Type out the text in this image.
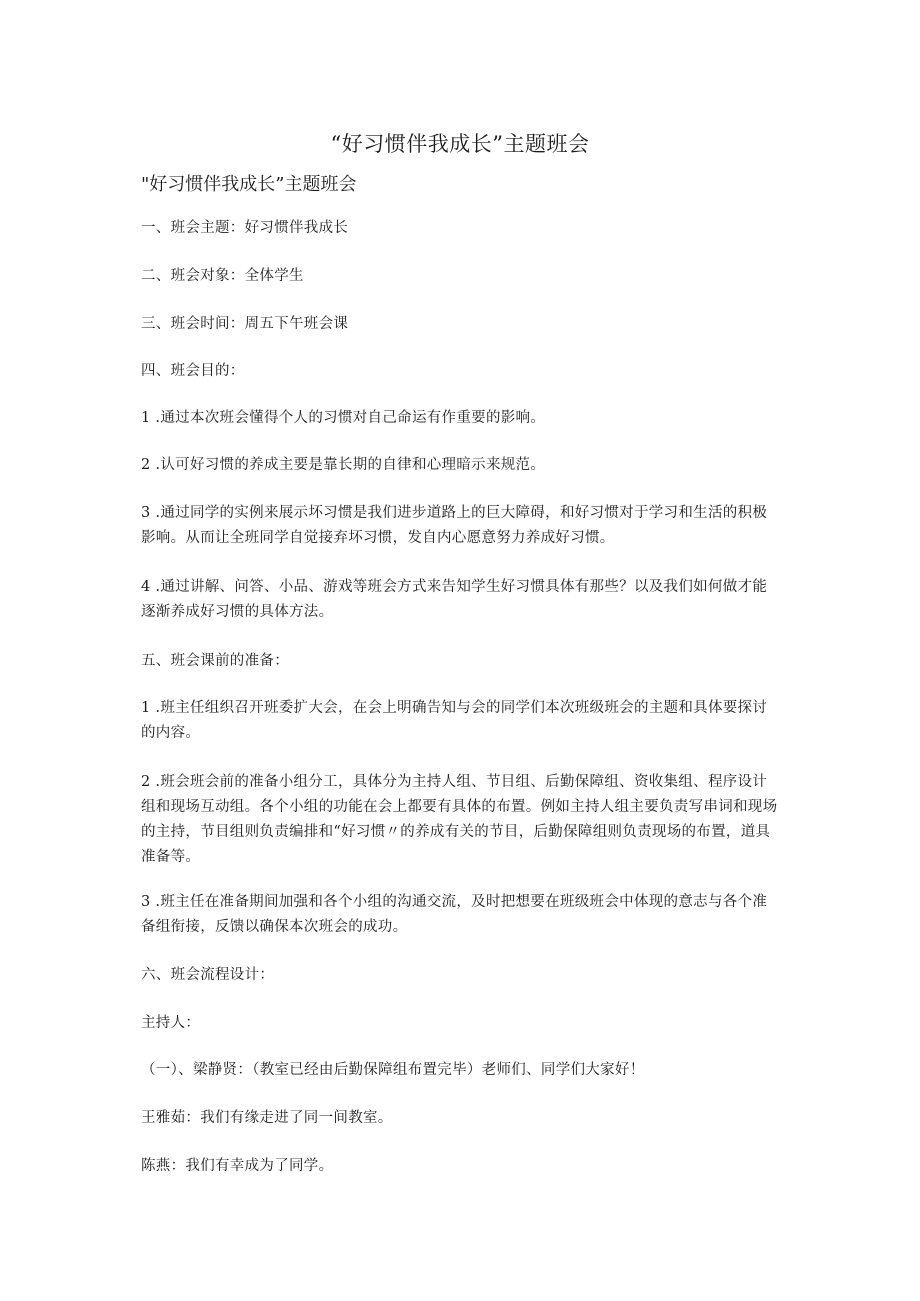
“好习惯伴我成长”主题班会
"好习惯伴我成长”主题班会

一、班会主题：好习惯伴我成长

二、班会对象：全体学生

三、班会时间：周五下午班会课

四、班会目的：

1 .通过本次班会懂得个人的习惯对自己命运有作重要的影响。

2 .认可好习惯的养成主要是靠长期的自律和心理暗示来规范。

3 .通过同学的实例来展示坏习惯是我们进步道路上的巨大障碍，和好习惯对于学习和生活的积极影响。从而让全班同学自觉接弃坏习惯，发自内心愿意努力养成好习惯。

4 .通过讲解、问答、小品、游戏等班会方式来告知学生好习惯具体有那些？以及我们如何做才能逐渐养成好习惯的具体方法。

五、班会课前的准备：

1 .班主任组织召开班委扩大会，在会上明确告知与会的同学们本次班级班会的主题和具体要探讨的内容。

2 .班会班会前的准备小组分工，具体分为主持人组、节目组、后勤保障组、资收集组、程序设计组和现场互动组。各个小组的功能在会上都要有具体的布置。例如主持人组主要负责写串词和现场的主持，节目组则负责编排和“好习惯〃的养成有关的节目，后勤保障组则负责现场的布置，道具准备等。

3 .班主任在准备期间加强和各个小组的沟通交流，及时把想要在班级班会中体现的意志与各个准备组衔接，反馈以确保本次班会的成功。

六、班会流程设计：

主持人：

（一）、梁静贤：（教室已经由后勤保障组布置完毕）老师们、同学们大家好！

王雅茹：我们有缘走进了同一间教室。

陈燕：我们有幸成为了同学。
